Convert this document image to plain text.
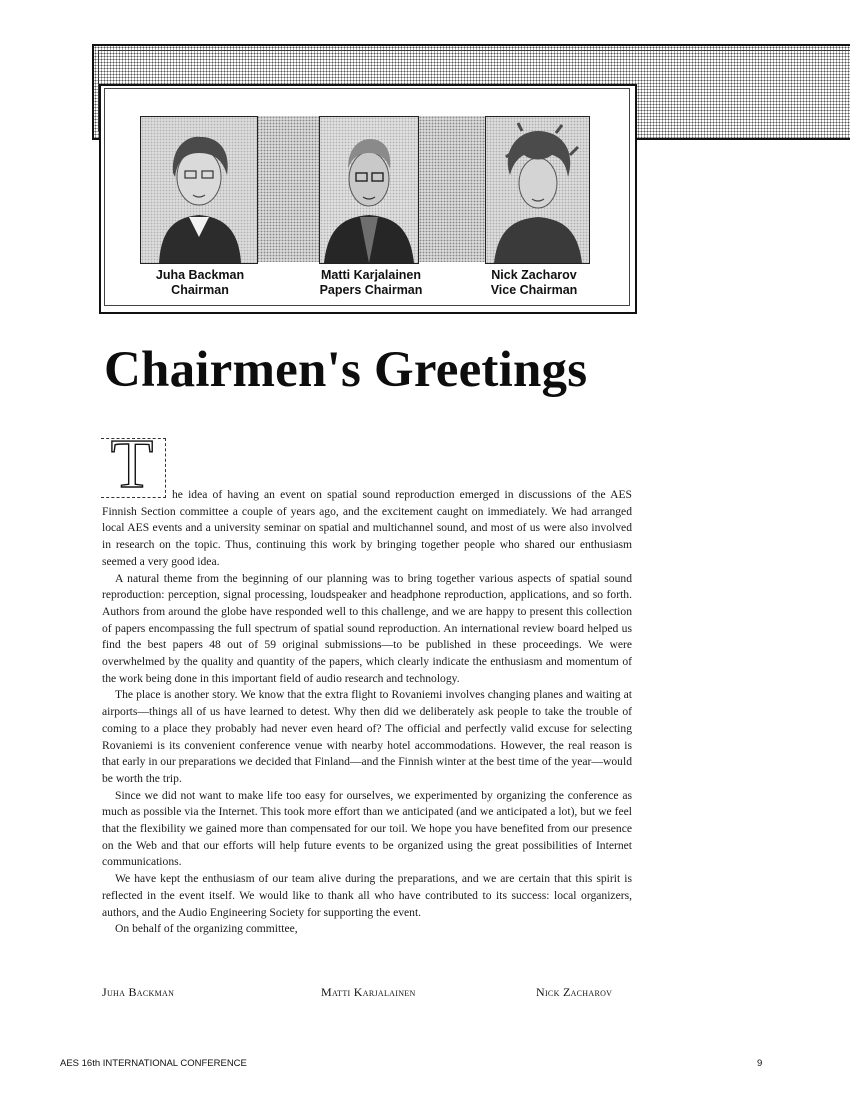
Juha Backman
Chairman
Matti Karjalainen
Papers Chairman
Nick Zacharov
Vice Chairman
Chairmen's Greetings
T	he idea of having an event on spatial sound reproduction emerged in discussions of the AES Finnish Section committee a couple of years ago, and the excitement caught on immediately. We had arranged local AES events and a university seminar on spatial and multichannel sound, and most of us were also involved in research on the topic. Thus, continuing this work by bringing together people who shared our enthusiasm seemed a very good idea.

A natural theme from the beginning of our planning was to bring together various aspects of spatial sound reproduction: perception, signal processing, loudspeaker and headphone reproduction, applications, and so forth. Authors from around the globe have responded well to this challenge, and we are happy to present this collection of papers encompassing the full spectrum of spatial sound reproduction. An international review board helped us find the best papers 48 out of 59 original submissions—to be published in these proceedings. We were overwhelmed by the quality and quantity of the papers, which clearly indicate the enthusiasm and momentum of the work being done in this important field of audio research and technology.

The place is another story. We know that the extra flight to Rovaniemi involves changing planes and waiting at airports—things all of us have learned to detest. Why then did we deliberately ask people to take the trouble of coming to a place they probably had never even heard of? The official and perfectly valid excuse for selecting Rovaniemi is its convenient conference venue with nearby hotel accommodations. However, the real reason is that early in our preparations we decided that Finland—and the Finnish winter at the best time of the year—would be worth the trip.

Since we did not want to make life too easy for ourselves, we experimented by organizing the conference as much as possible via the Internet. This took more effort than we anticipated (and we anticipated a lot), but we feel that the flexibility we gained more than compensated for our toil. We hope you have benefited from our presence on the Web and that our efforts will help future events to be organized using the great possibilities of Internet communications.

We have kept the enthusiasm of our team alive during the preparations, and we are certain that this spirit is reflected in the event itself. We would like to thank all who have contributed to its success: local organizers, authors, and the Audio Engineering Society for supporting the event.

On behalf of the organizing committee,

Juha Backman	Matti Karjalainen	Nick Zacharov
AES 16th INTERNATIONAL CONFERENCE	9
